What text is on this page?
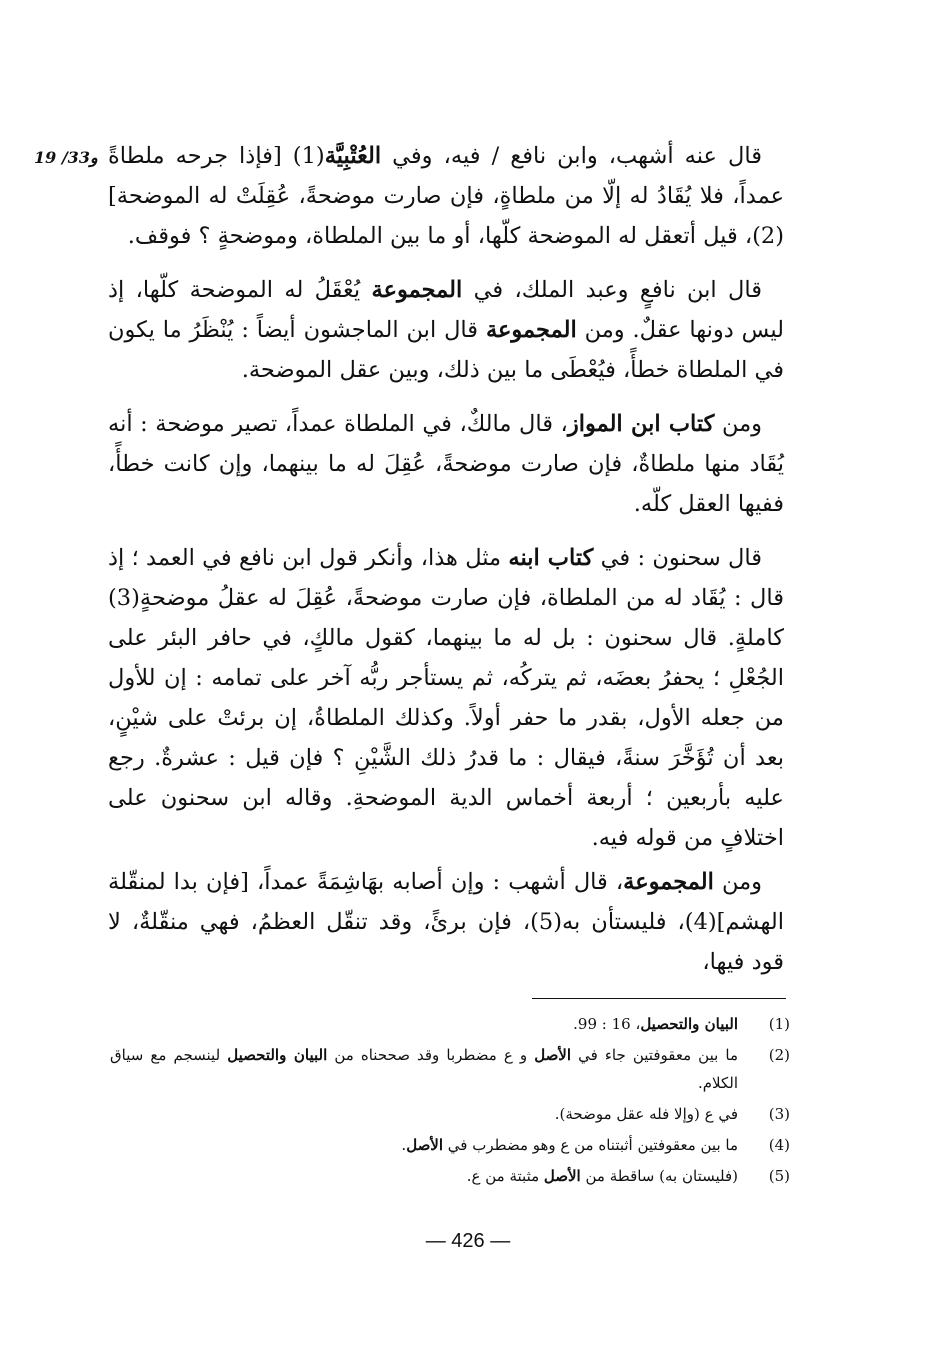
19 /33و	قال عنه أشهب، وابن نافع / فيه، وفي العُتْبِيَّة(1) [فإذا جرحه ملطاةً عمداً، فلا يُقَادُ له إلّا من ملطاةٍ، فإن صارت موضحةً، عُقِلَتْ له الموضحة](2)، قيل أتعقل له الموضحة كلّها، أو ما بين الملطاة، وموضحةٍ ؟ فوقف.

قال ابن نافعٍ وعبد الملك، في المجموعة يُعْقَلُ له الموضحة كلّها، إذ ليس دونها عقلٌ. ومن المجموعة قال ابن الماجشون أيضاً : يُنْظَرُ ما يكون في الملطاة خطأً، فيُعْطَى ما بين ذلك، وبين عقل الموضحة.

ومن كتاب ابن المواز، قال مالكٌ، في الملطاة عمداً، تصير موضحة : أنه يُقَاد منها ملطاةٌ، فإن صارت موضحةً، عُقِلَ له ما بينهما، وإن كانت خطأً، ففيها العقل كلّه.

قال سحنون : في كتاب ابنه مثل هذا، وأنكر قول ابن نافع في العمد ؛ إذ قال : يُقَاد له من الملطاة، فإن صارت موضحةً، عُقِلَ له عقلُ موضحةٍ(3) كاملةٍ. قال سحنون : بل له ما بينهما، كقول مالكٍ، في حافر البئر على الجُعْلِ ؛ يحفرُ بعضَه، ثم يتركُه، ثم يستأجر ربُّه آخر على تمامه : إن للأول من جعله الأول، بقدر ما حفر أولاً. وكذلك الملطاةُ، إن برئتْ على شيْنٍ، بعد أن تُؤَخَّرَ سنةً، فيقال : ما قدرُ ذلك الشَّيْنِ ؟ فإن قيل : عشرةٌ. رجع عليه بأربعين ؛ أربعة أخماس الدية الموضحةِ. وقاله ابن سحنون على اختلافٍ من قوله فيه.

ومن المجموعة، قال أشهب : وإن أصابه بهَاشِمَةً عمداً، [فإن بدا لمنقّلة الهشم](4)، فليستأن به(5)، فإن برئً، وقد تنقّل العظمُ، فهي منقّلةٌ، لا قود فيها،

(1)
البيان والتحصيل، 16 : 99.
(2)
ما بين معقوفتين جاء في الأصل و ع مضطربا وقد صححناه من البيان والتحصيل لينسجم مع سياق الكلام.
(3)
في ع (وإلا فله عقل موضحة).
(4)
ما بين معقوفتين أثبتناه من ع وهو مضطرب في الأصل.
(5)
(فليستان به) ساقطة من الأصل مثبتة من ع.
— 426 —
